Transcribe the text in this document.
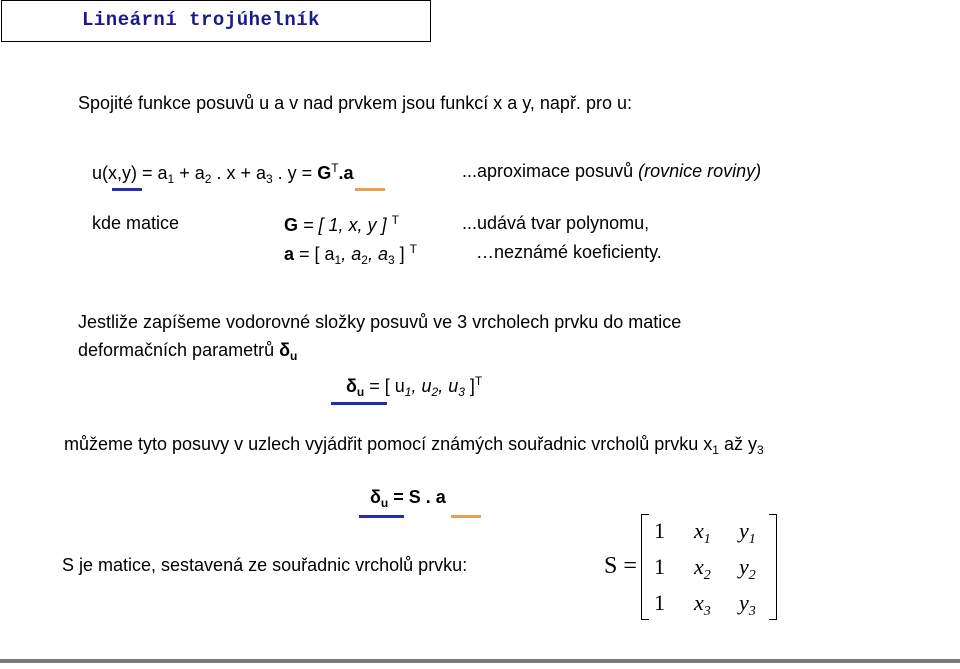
Lineární trojúhelník
Spojité funkce posuvů u a v nad prvkem jsou funkcí x a y, např. pro u:
$u(x,y) = a_1 + a_2$ . $x + a_3$ . $y = G^T.a$	...aproximace posuvů (rovnice roviny)
kde matice	G = [ 1, x, y ] $^T$	...udává tvar polynomu,
a = [ $a_1$, $a_2$, $a_3$ ] $^T$	…neznámé koeficienty.
Jestliže zapíšeme vodorovné složky posuvů ve 3 vrcholech prvku do matice
deformačních parametrů $\delta_u$
$\delta_u$ = [ $u_1$, $u_2$, $u_3$ ]$^T$
můžeme tyto posuvy v uzlech vyjádřit pomocí známých souřadnic vrcholů prvku $x_1$ až $y_3$
$\delta_u = S$ . a
S je matice, sestavená ze souřadnic vrcholů prvku:	S =
1 $x_1$ $y_1$
1 $x_2$ $y_2$
1 $x_3$ $y_3$
